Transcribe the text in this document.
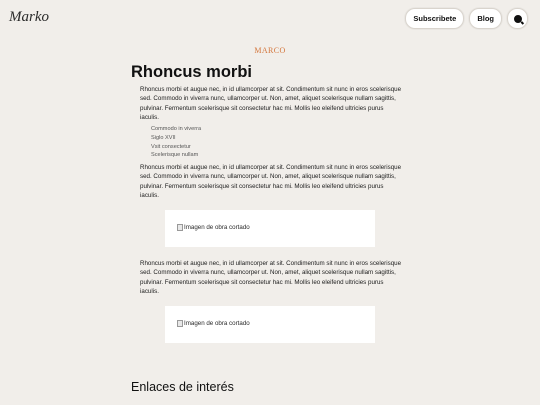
Marko	Subscribete	Blog
MARCO
Rhoncus morbi

Rhoncus morbi et augue nec, in id ullamcorper at sit. Condimentum sit nunc in eros scelerisque sed. Commodo in viverra nunc, ullamcorper ut. Non, amet, aliquet scelerisque nullam sagittis, pulvinar. Fermentum scelerisque sit consectetur hac mi. Mollis leo eleifend ultricies purus iaculis.

Commodo in viverra
Siglo XVII
Vsit consectetur
Scelerisque nullam

Rhoncus morbi et augue nec, in id ullamcorper at sit. Condimentum sit nunc in eros scelerisque sed. Commodo in viverra nunc, ullamcorper ut. Non, amet, aliquet scelerisque nullam sagittis, pulvinar. Fermentum scelerisque sit consectetur hac mi. Mollis leo eleifend ultricies purus iaculis.

Imagen de obra cortado

Rhoncus morbi et augue nec, in id ullamcorper at sit. Condimentum sit nunc in eros scelerisque sed. Commodo in viverra nunc, ullamcorper ut. Non, amet, aliquet scelerisque nullam sagittis, pulvinar. Fermentum scelerisque sit consectetur hac mi. Mollis leo eleifend ultricies purus iaculis.

Imagen de obra cortado
Enlaces de interés
